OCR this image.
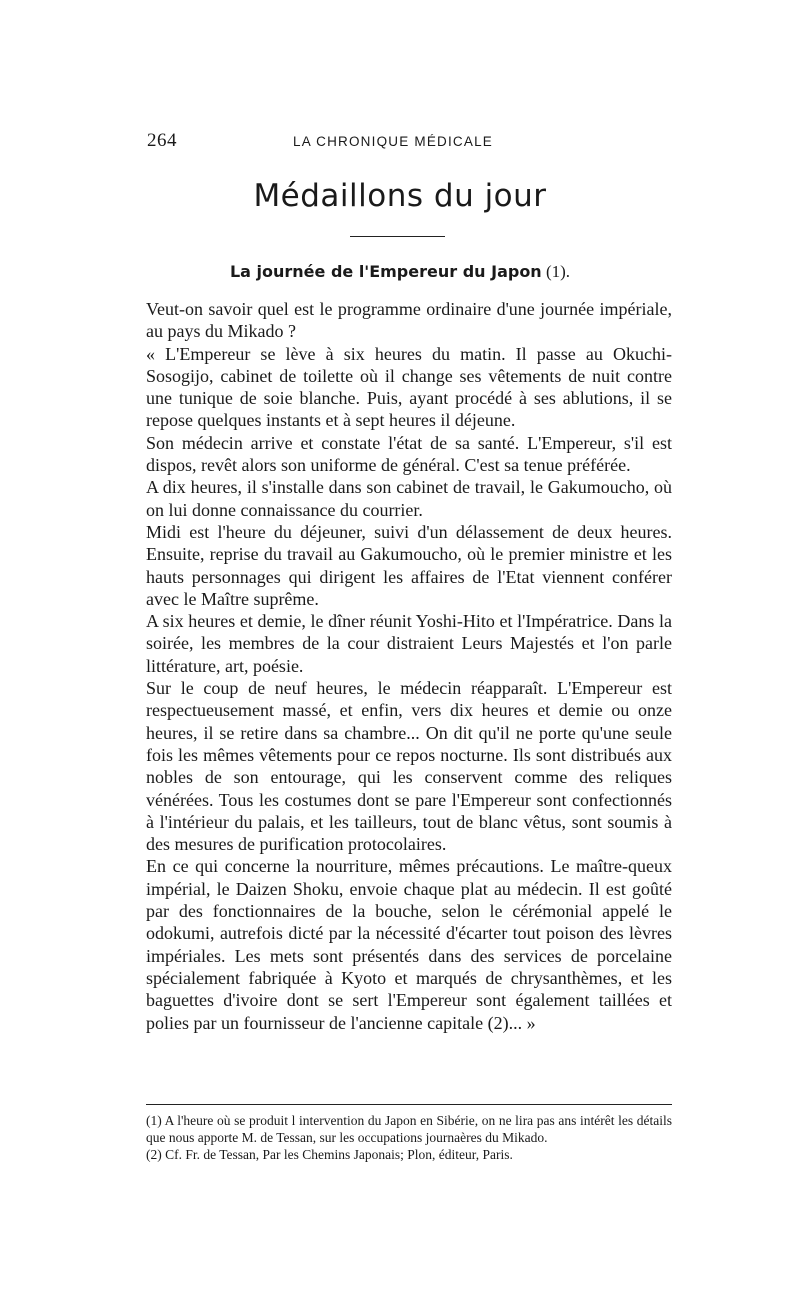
264	LA CHRONIQUE MÉDICALE
Médaillons du jour
La journée de l'Empereur du Japon (1).

Veut-on savoir quel est le programme ordinaire d'une journée impériale, au pays du Mikado ?

« L'Empereur se lève à six heures du matin. Il passe au Okuchi-Sosogijo, cabinet de toilette où il change ses vêtements de nuit contre une tunique de soie blanche. Puis, ayant procédé à ses ablutions, il se repose quelques instants et à sept heures il déjeune.

Son médecin arrive et constate l'état de sa santé. L'Empereur, s'il est dispos, revêt alors son uniforme de général. C'est sa tenue préférée.

A dix heures, il s'installe dans son cabinet de travail, le Gakumoucho, où on lui donne connaissance du courrier.

Midi est l'heure du déjeuner, suivi d'un délassement de deux heures. Ensuite, reprise du travail au Gakumoucho, où le premier ministre et les hauts personnages qui dirigent les affaires de l'Etat viennent conférer avec le Maître suprême.

A six heures et demie, le dîner réunit Yoshi-Hito et l'Impératrice. Dans la soirée, les membres de la cour distraient Leurs Majestés et l'on parle littérature, art, poésie.

Sur le coup de neuf heures, le médecin réapparaît. L'Empereur est respectueusement massé, et enfin, vers dix heures et demie ou onze heures, il se retire dans sa chambre... On dit qu'il ne porte qu'une seule fois les mêmes vêtements pour ce repos nocturne. Ils sont distribués aux nobles de son entourage, qui les conservent comme des reliques vénérées. Tous les costumes dont se pare l'Empereur sont confectionnés à l'intérieur du palais, et les tailleurs, tout de blanc vêtus, sont soumis à des mesures de purification protocolaires.

En ce qui concerne la nourriture, mêmes précautions. Le maître-queux impérial, le Daizen Shoku, envoie chaque plat au médecin. Il est goûté par des fonctionnaires de la bouche, selon le cérémonial appelé le odokumi, autrefois dicté par la nécessité d'écarter tout poison des lèvres impériales. Les mets sont présentés dans des services de porcelaine spécialement fabriquée à Kyoto et marqués de chrysanthèmes, et les baguettes d'ivoire dont se sert l'Empereur sont également taillées et polies par un fournisseur de l'ancienne capitale (2)... »

(1) A l'heure où se produit l intervention du Japon en Sibérie, on ne lira pas ans intérêt les détails que nous apporte M. de Tessan, sur les occupations journaères du Mikado.

(2) Cf. Fr. de Tessan, Par les Chemins Japonais; Plon, éditeur, Paris.
